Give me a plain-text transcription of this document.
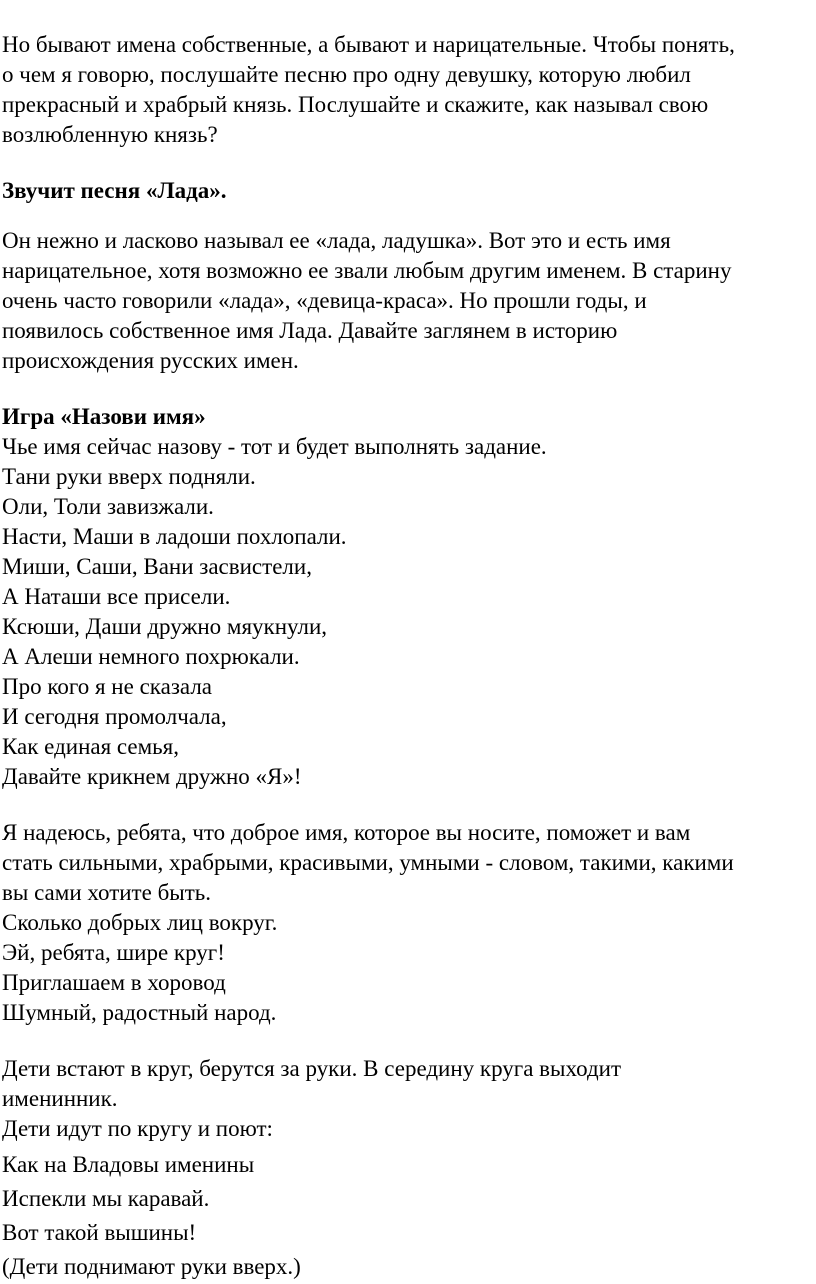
Но бывают имена собственные, а бывают и нарицательные. Чтобы понять,
о чем я говорю, послушайте песню про одну девушку, которую любил
прекрасный и храбрый князь. Послушайте и скажите, как называл свою
возлюбленную князь?
Звучит песня «Лада».
Он нежно и ласково называл ее «лада, ладушка». Вот это и есть имя
нарицательное, хотя возможно ее звали любым другим именем. В старину
очень часто говорили «лада», «девица-краса». Но прошли годы, и
появилось собственное имя Лада. Давайте заглянем в историю
происхождения русских имен.
Игра «Назови имя»
Чье имя сейчас назову - тот и будет выполнять задание.
Тани руки вверх подняли.
Оли, Толи завизжали.
Насти, Маши в ладоши похлопали.
Миши, Саши, Вани засвистели,
А Наташи все присели.
Ксюши, Даши дружно мяукнули,
А Алеши немного похрюкали.
Про кого я не сказала
И сегодня промолчала,
Как единая семья,
Давайте крикнем дружно «Я»!
Я надеюсь, ребята, что доброе имя, которое вы носите, поможет и вам
стать сильными, храбрыми, красивыми, умными - словом, такими, какими
вы сами хотите быть.
Сколько добрых лиц вокруг.
Эй, ребята, шире круг!
Приглашаем в хоровод
Шумный, радостный народ.
Дети встают в круг, берутся за руки. В середину круга выходит
именинник.
Дети идут по кругу и поют:
Как на Владовы именины
Испекли мы каравай.
Вот такой вышины!
(Дети поднимают руки вверх.)
